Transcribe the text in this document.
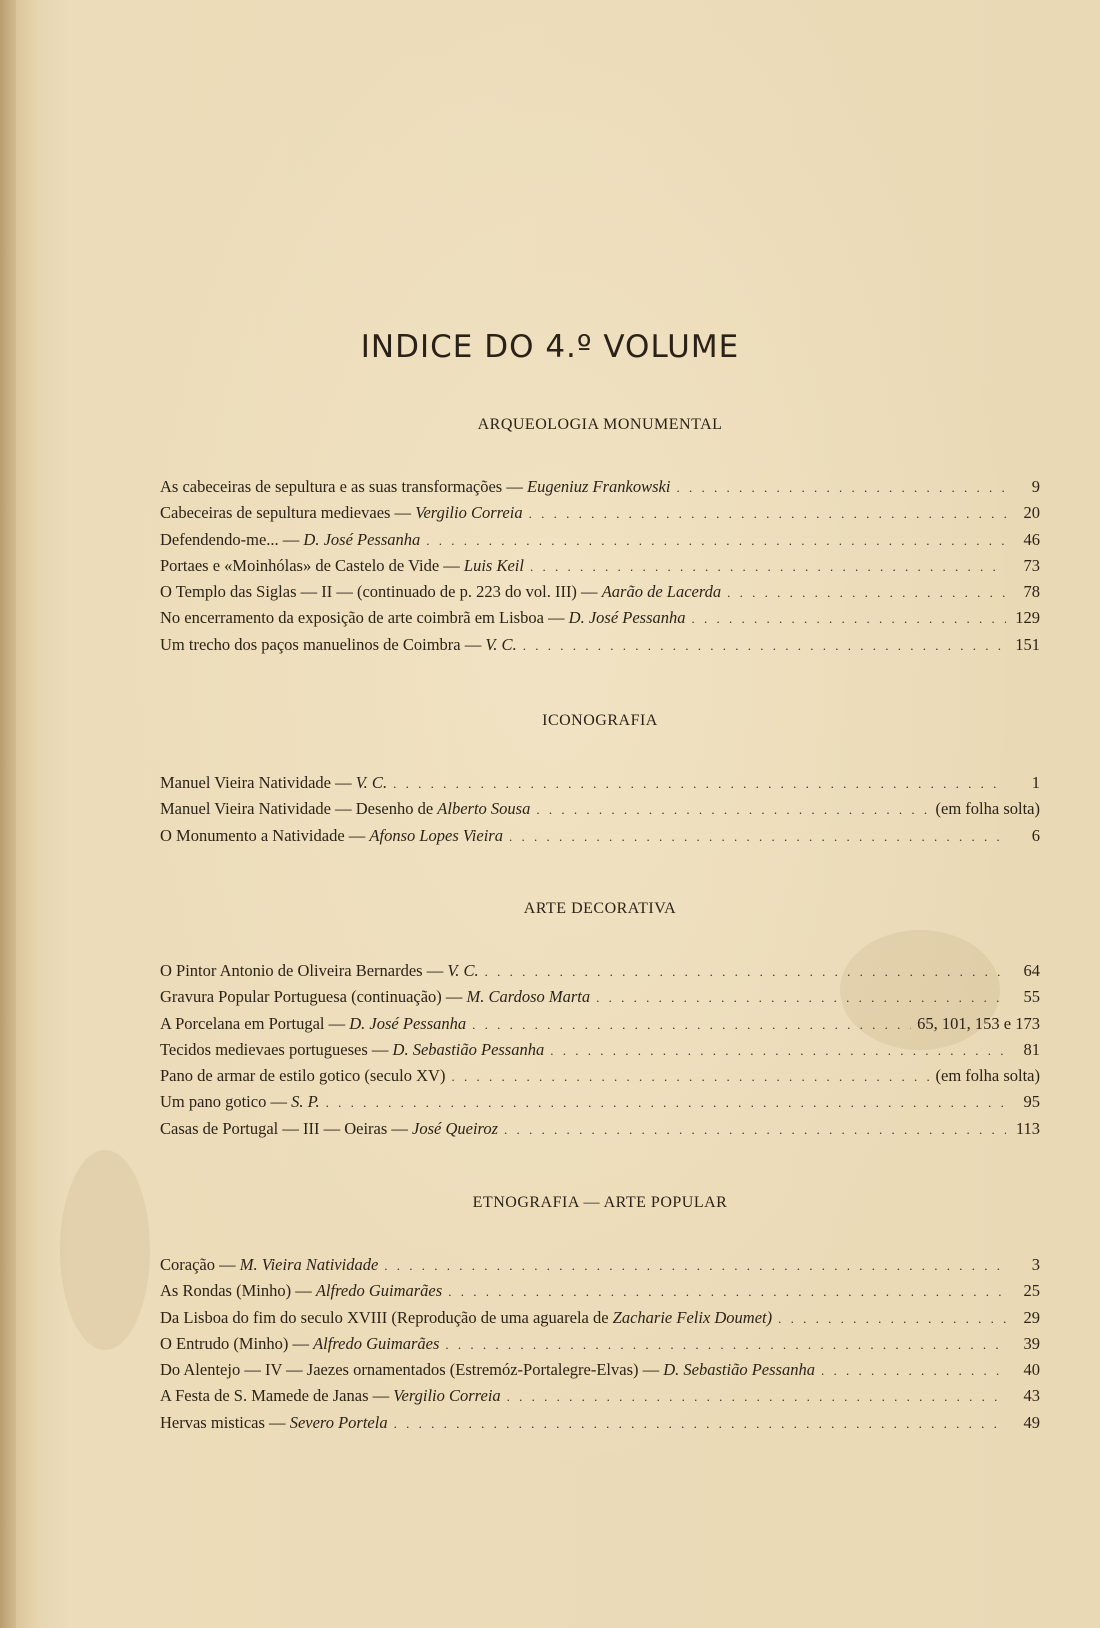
INDICE DO 4.º VOLUME
ARQUEOLOGIA MONUMENTAL
As cabeceiras de sepultura e as suas transformações — Eugeniuz Frankowski . . .	9
Cabeceiras de sepultura medievaes — Vergilio Correia . . .	20
Defendendo-me... — D. José Pessanha . . .	46
Portaes e «Moinhólas» de Castelo de Vide — Luis Keil . . .	73
O Templo das Siglas — II — (continuado de p. 223 do vol. III) — Aarão de Lacerda . . .	78
No encerramento da exposição de arte coimbrã em Lisboa — D. José Pessanha . . .	129
Um trecho dos paços manuelinos de Coimbra — V. C. . . .	151
ICONOGRAFIA
Manuel Vieira Natividade — V. C. . . .	1
Manuel Vieira Natividade — Desenho de Alberto Sousa . . .	(em folha solta)
O Monumento a Natividade — Afonso Lopes Vieira . . .	6
ARTE DECORATIVA
O Pintor Antonio de Oliveira Bernardes — V. C. . . .	64
Gravura Popular Portuguesa (continuação) — M. Cardoso Marta . . .	55
A Porcelana em Portugal — D. José Pessanha . . .	65, 101, 153 e 173
Tecidos medievaes portugueses — D. Sebastião Pessanha . . .	81
Pano de armar de estilo gotico (seculo XV) . . .	(em folha solta)
Um pano gotico — S. P. . . .	95
Casas de Portugal — III — Oeiras — José Queiroz . . .	113
ETNOGRAFIA — ARTE POPULAR
Coração — M. Vieira Natividade . . .	3
As Rondas (Minho) — Alfredo Guimarães . . .	25
Da Lisboa do fim do seculo XVIII (Reprodução de uma aguarela de Zacharie Felix Doumet) . . .	29
O Entrudo (Minho) — Alfredo Guimarães . . .	39
Do Alentejo — IV — Jaezes ornamentados (Estremóz-Portalegre-Elvas) — D. Sebastião Pessanha . . .	40
A Festa de S. Mamede de Janas — Vergilio Correia . . .	43
Hervas misticas — Severo Portela . . .	49
